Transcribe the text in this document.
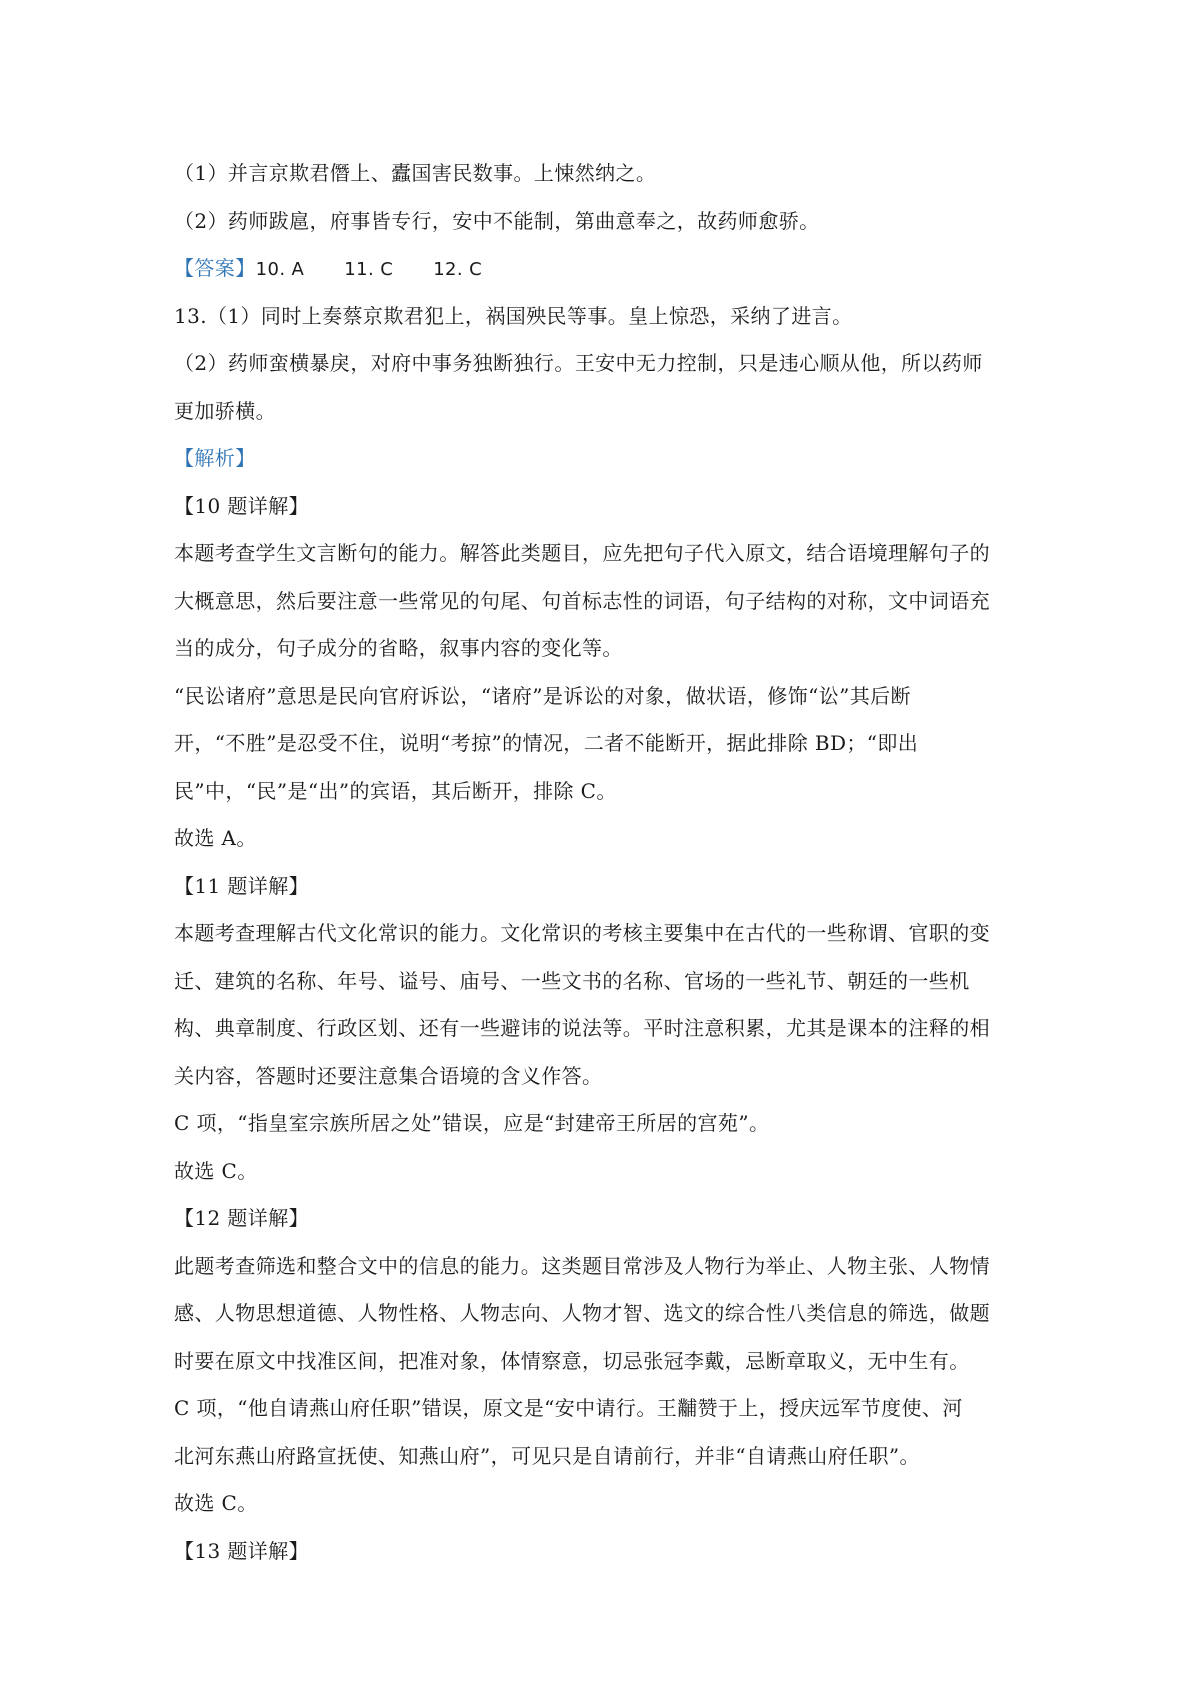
（1）并言京欺君僭上、蠹国害民数事。上悚然纳之。
（2）药师跋扈，府事皆专行，安中不能制，第曲意奉之，故药师愈骄。
【答案】10. A 11. C 12. C
13.（1）同时上奏蔡京欺君犯上，祸国殃民等事。皇上惊恐，采纳了进言。
（2）药师蛮横暴戾，对府中事务独断独行。王安中无力控制，只是违心顺从他，所以药师
更加骄横。
【解析】
【10 题详解】
本题考查学生文言断句的能力。解答此类题目，应先把句子代入原文，结合语境理解句子的
大概意思，然后要注意一些常见的句尾、句首标志性的词语，句子结构的对称，文中词语充
当的成分，句子成分的省略，叙事内容的变化等。
“民讼诸府”意思是民向官府诉讼，“诸府”是诉讼的对象，做状语，修饰“讼”其后断
开，“不胜”是忍受不住，说明“考掠”的情况，二者不能断开，据此排除 BD；“即出
民”中，“民”是“出”的宾语，其后断开，排除 C。
故选 A。
【11 题详解】
本题考查理解古代文化常识的能力。文化常识的考核主要集中在古代的一些称谓、官职的变
迁、建筑的名称、年号、谥号、庙号、一些文书的名称、官场的一些礼节、朝廷的一些机
构、典章制度、行政区划、还有一些避讳的说法等。平时注意积累，尤其是课本的注释的相
关内容，答题时还要注意集合语境的含义作答。
C 项，“指皇室宗族所居之处”错误，应是“封建帝王所居的宫苑”。
故选 C。
【12 题详解】
此题考查筛选和整合文中的信息的能力。这类题目常涉及人物行为举止、人物主张、人物情
感、人物思想道德、人物性格、人物志向、人物才智、选文的综合性八类信息的筛选，做题
时要在原文中找准区间，把准对象，体情察意，切忌张冠李戴，忌断章取义，无中生有。
C 项，“他自请燕山府任职”错误，原文是“安中请行。王黼赞于上，授庆远军节度使、河
北河东燕山府路宣抚使、知燕山府”，可见只是自请前行，并非“自请燕山府任职”。
故选 C。
【13 题详解】
